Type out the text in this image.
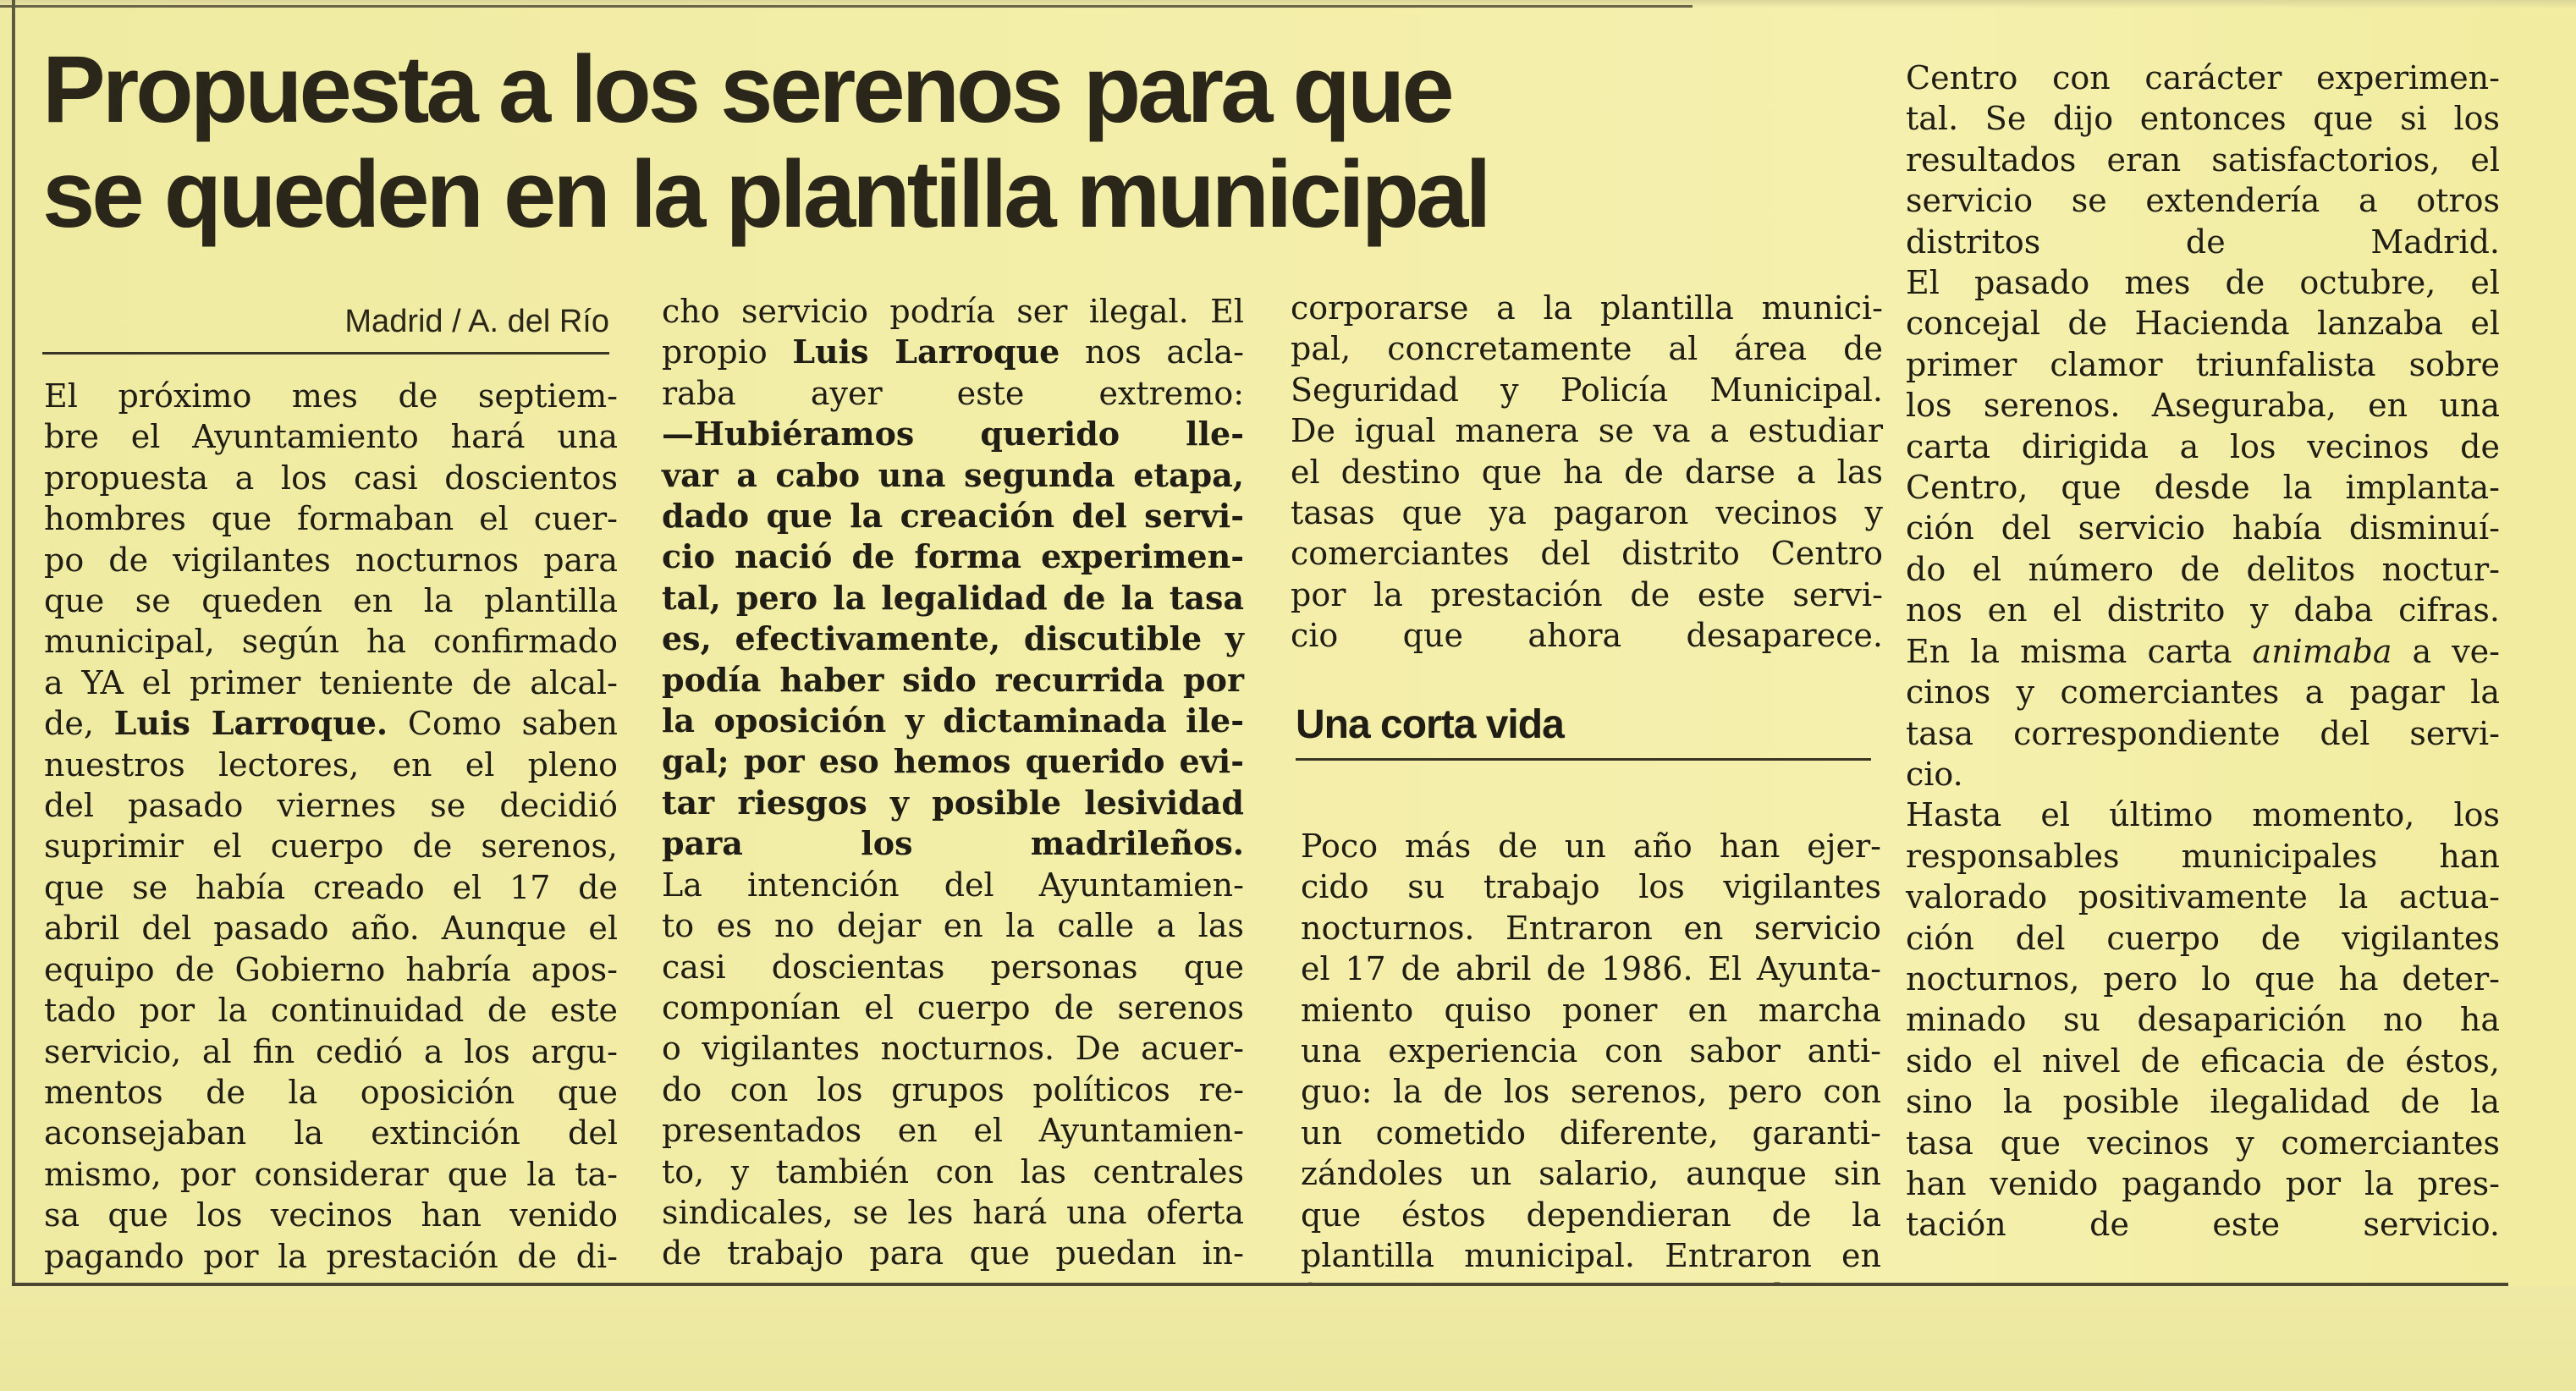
Propuesta a los serenos para que
se queden en la plantilla municipal
Madrid / A. del Río

El próximo mes de septiem-
bre el Ayuntamiento hará una
propuesta a los casi doscientos
hombres que formaban el cuer-
po de vigilantes nocturnos para
que se queden en la plantilla
municipal, según ha confirmado
a YA el primer teniente de alcal-
de, Luis Larroque. Como saben
nuestros lectores, en el pleno
del pasado viernes se decidió
suprimir el cuerpo de serenos,
que se había creado el 17 de
abril del pasado año. Aunque el
equipo de Gobierno habría apos-
tado por la continuidad de este
servicio, al fin cedió a los argu-
mentos de la oposición que
aconsejaban la extinción del
mismo, por considerar que la ta-
sa que los vecinos han venido
pagando por la prestación de di-

cho servicio podría ser ilegal. El
propio Luis Larroque nos acla-
raba ayer este extremo:
—Hubiéramos querido lle-
var a cabo una segunda etapa,
dado que la creación del servi-
cio nació de forma experimen-
tal, pero la legalidad de la tasa
es, efectivamente, discutible y
podía haber sido recurrida por
la oposición y dictaminada ile-
gal; por eso hemos querido evi-
tar riesgos y posible lesividad
para los madrileños.
La intención del Ayuntamien-
to es no dejar en la calle a las
casi doscientas personas que
componían el cuerpo de serenos
o vigilantes nocturnos. De acuer-
do con los grupos políticos re-
presentados en el Ayuntamien-
to, y también con las centrales
sindicales, se les hará una oferta
de trabajo para que puedan in-

corporarse a la plantilla munici-
pal, concretamente al área de
Seguridad y Policía Municipal.
De igual manera se va a estudiar
el destino que ha de darse a las
tasas que ya pagaron vecinos y
comerciantes del distrito Centro
por la prestación de este servi-
cio que ahora desaparece.

Una corta vida

Poco más de un año han ejer-
cido su trabajo los vigilantes
nocturnos. Entraron en servicio
el 17 de abril de 1986. El Ayunta-
miento quiso poner en marcha
una experiencia con sabor anti-
guo: la de los serenos, pero con
un cometido diferente, garanti-
zándoles un salario, aunque sin
que éstos dependieran de la
plantilla municipal. Entraron en

Centro con carácter experimen-
tal. Se dijo entonces que si los
resultados eran satisfactorios, el
servicio se extendería a otros
distritos de Madrid.
El pasado mes de octubre, el
concejal de Hacienda lanzaba el
primer clamor triunfalista sobre
los serenos. Aseguraba, en una
carta dirigida a los vecinos de
Centro, que desde la implanta-
ción del servicio había disminuí-
do el número de delitos noctur-
nos en el distrito y daba cifras.
En la misma carta animaba a ve-
cinos y comerciantes a pagar la
tasa correspondiente del servi-
cio.
Hasta el último momento, los
responsables municipales han
valorado positivamente la actua-
ción del cuerpo de vigilantes
nocturnos, pero lo que ha deter-
minado su desaparición no ha
sido el nivel de eficacia de éstos,
sino la posible ilegalidad de la
tasa que vecinos y comerciantes
han venido pagando por la pres-
tación de este servicio.
